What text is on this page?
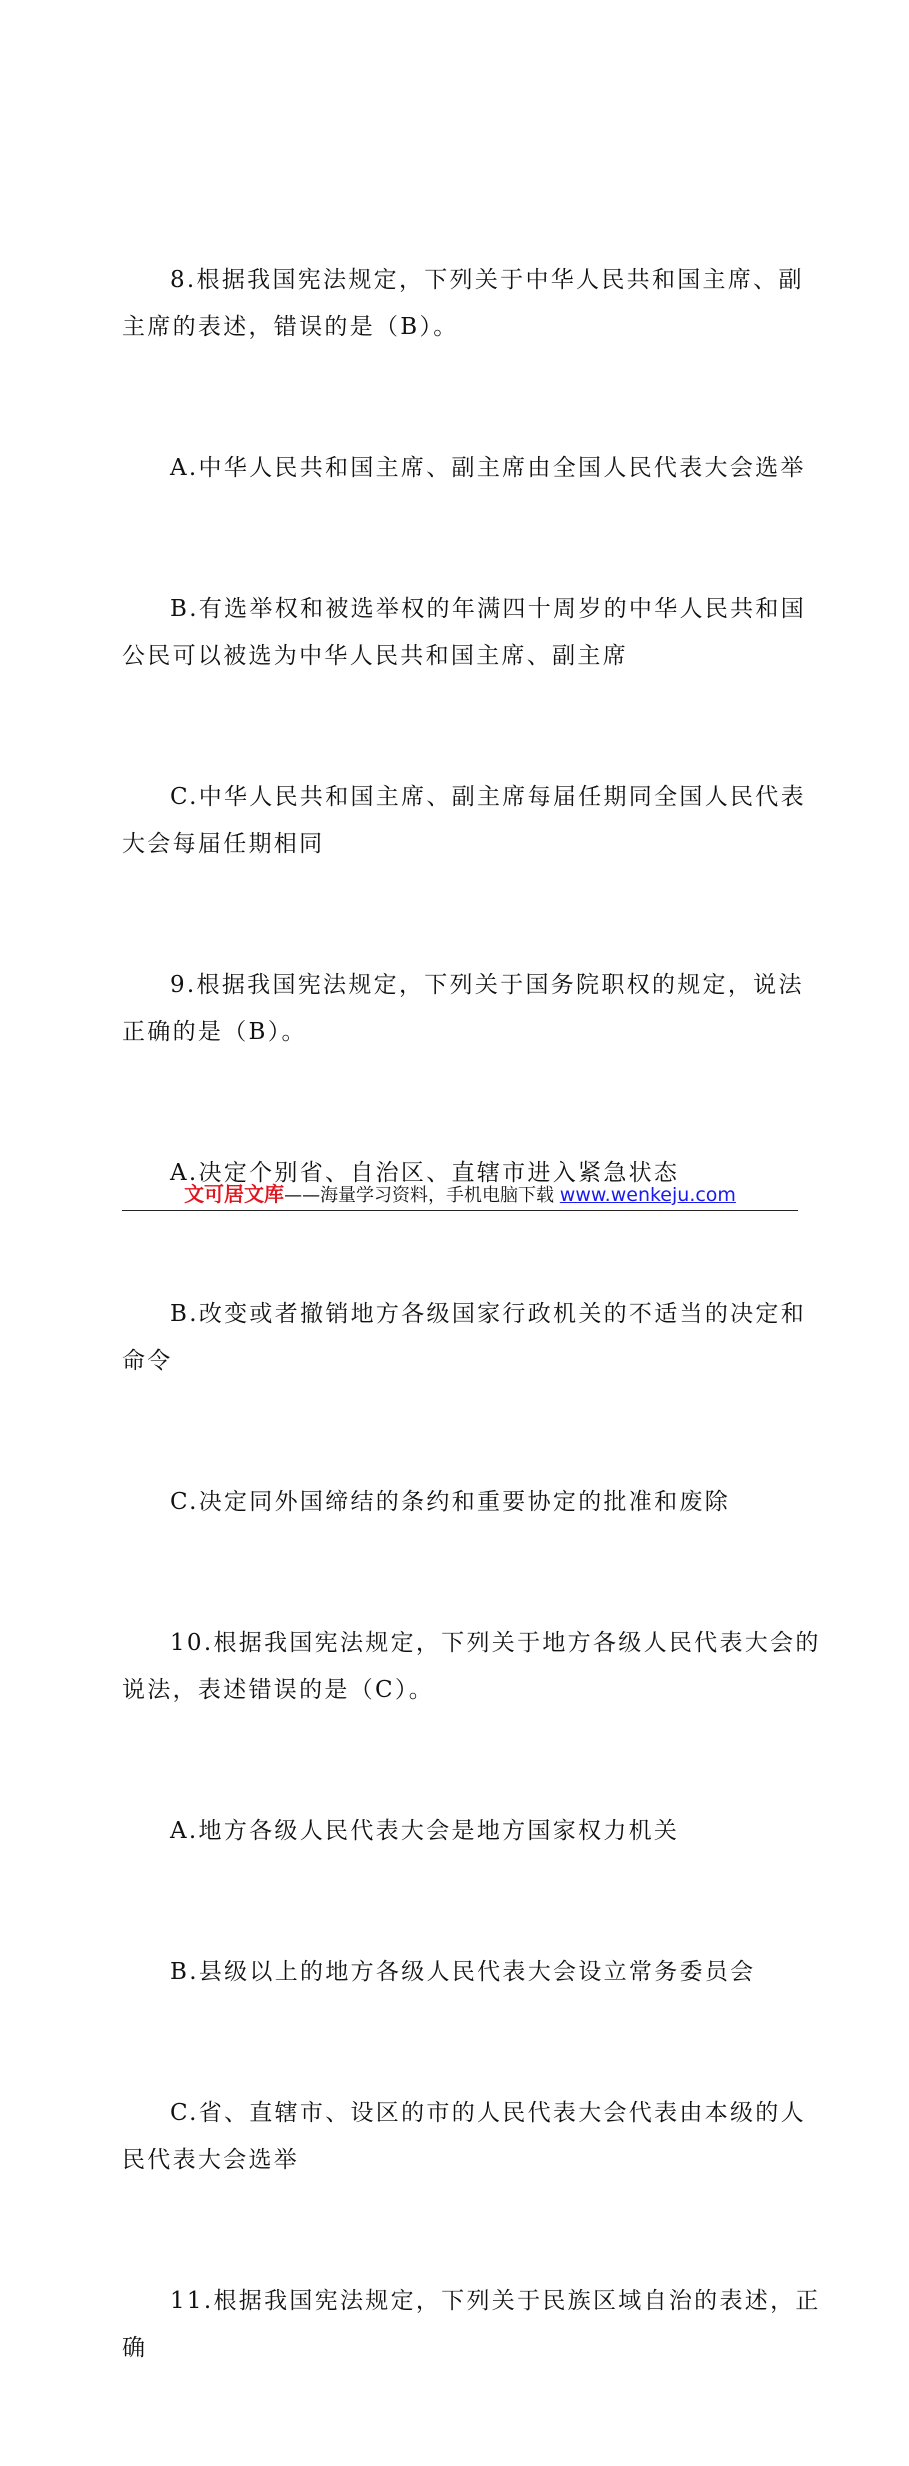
8.根据我国宪法规定，下列关于中华人民共和国主席、副主席的表述，错误的是（B）。

A.中华人民共和国主席、副主席由全国人民代表大会选举

B.有选举权和被选举权的年满四十周岁的中华人民共和国公民可以被选为中华人民共和国主席、副主席

C.中华人民共和国主席、副主席每届任期同全国人民代表大会每届任期相同

9.根据我国宪法规定，下列关于国务院职权的规定，说法正确的是（B）。

A.决定个别省、自治区、直辖市进入紧急状态

B.改变或者撤销地方各级国家行政机关的不适当的决定和命令

C.决定同外国缔结的条约和重要协定的批准和废除

10.根据我国宪法规定，下列关于地方各级人民代表大会的说法，表述错误的是（C）。

A.地方各级人民代表大会是地方国家权力机关

B.县级以上的地方各级人民代表大会设立常务委员会

C.省、直辖市、设区的市的人民代表大会代表由本级的人民代表大会选举

11.根据我国宪法规定，下列关于民族区域自治的表述，正确

文可居文库——海量学习资料，手机电脑下载 www.wenkeju.com
